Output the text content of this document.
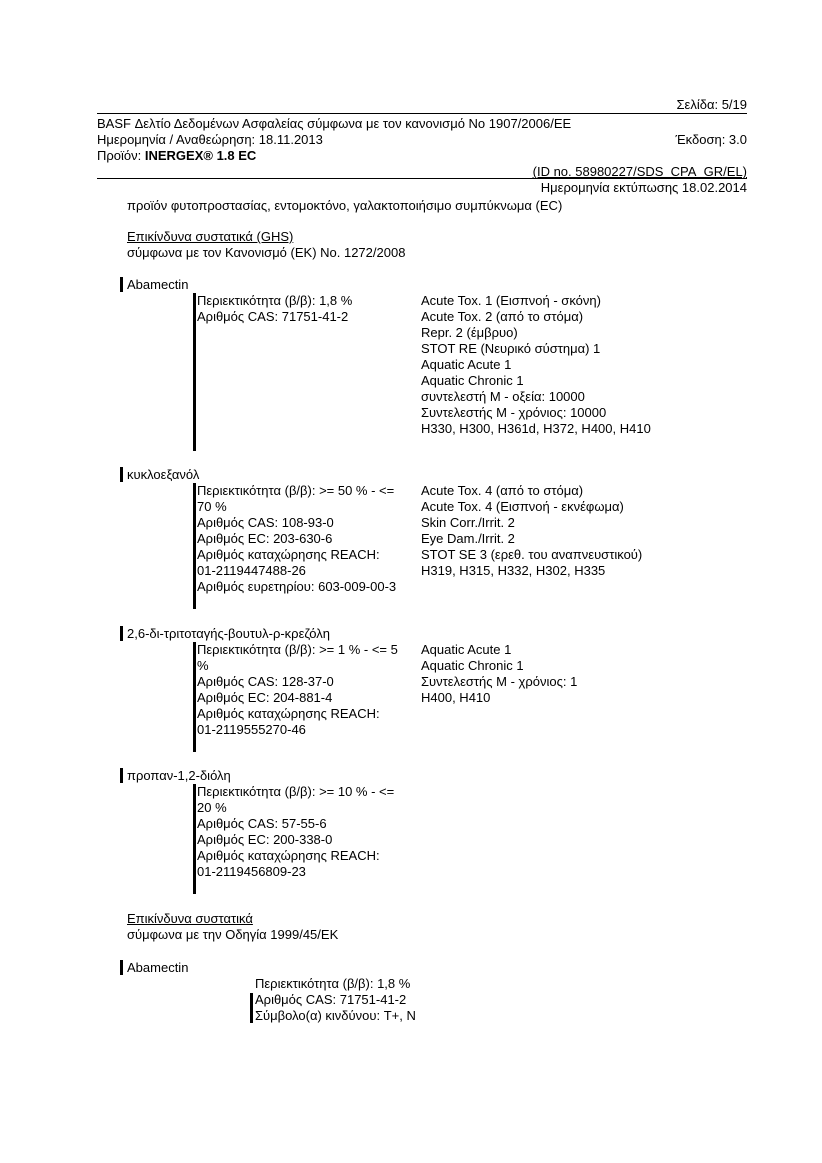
Σελίδα: 5/19
BASF Δελτίο Δεδομένων Ασφαλείας σύμφωνα με τον κανονισμό No 1907/2006/ΕΕ
Ημερομηνία / Αναθεώρηση: 18.11.2013	Έκδοση: 3.0
Προϊόν: INERGEX® 1.8 EC
(ID no. 58980227/SDS_CPA_GR/EL)
Ημερομηνία εκτύπωσης 18.02.2014
προϊόν φυτοπροστασίας, εντομοκτόνο, γαλακτοποιήσιμο συμπύκνωμα (EC)
Επικίνδυνα συστατικά (GHS)
σύμφωνα με τον Κανονισμό (ΕΚ) No. 1272/2008
Abamectin
Περιεκτικότητα (β/β): 1,8 %
Αριθμός CAS: 71751-41-2
Acute Tox. 1 (Εισπνοή - σκόνη)
Acute Tox. 2 (από το στόμα)
Repr. 2 (έμβρυο)
STOT RE (Νευρικό σύστημα) 1
Aquatic Acute 1
Aquatic Chronic 1
συντελεστή M - οξεία: 10000
Συντελεστής M - χρόνιος: 10000
H330, H300, H361d, H372, H400, H410
κυκλοεξανόλ
Περιεκτικότητα (β/β): >= 50 % - <=
70 %
Αριθμός CAS: 108-93-0
Αριθμός EC: 203-630-6
Αριθμός καταχώρησης REACH:
01-2119447488-26
Αριθμός ευρετηρίου: 603-009-00-3
Acute Tox. 4 (από το στόμα)
Acute Tox. 4 (Εισπνοή - εκνέφωμα)
Skin Corr./Irrit. 2
Eye Dam./Irrit. 2
STOT SE 3 (ερεθ. του αναπνευστικού)
H319, H315, H332, H302, H335
2,6-δι-τριτοταγής-βουτυλ-ρ-κρεζόλη
Περιεκτικότητα (β/β): >= 1 % - <= 5
%
Αριθμός CAS: 128-37-0
Αριθμός EC: 204-881-4
Αριθμός καταχώρησης REACH:
01-2119555270-46
Aquatic Acute 1
Aquatic Chronic 1
Συντελεστής M - χρόνιος: 1
H400, H410
προπαν-1,2-διόλη
Περιεκτικότητα (β/β): >= 10 % - <=
20 %
Αριθμός CAS: 57-55-6
Αριθμός EC: 200-338-0
Αριθμός καταχώρησης REACH:
01-2119456809-23
Επικίνδυνα συστατικά
σύμφωνα με την Οδηγία 1999/45/ΕΚ
Abamectin
Περιεκτικότητα (β/β): 1,8 %
Αριθμός CAS: 71751-41-2
Σύμβολο(α) κινδύνου: T+, N
